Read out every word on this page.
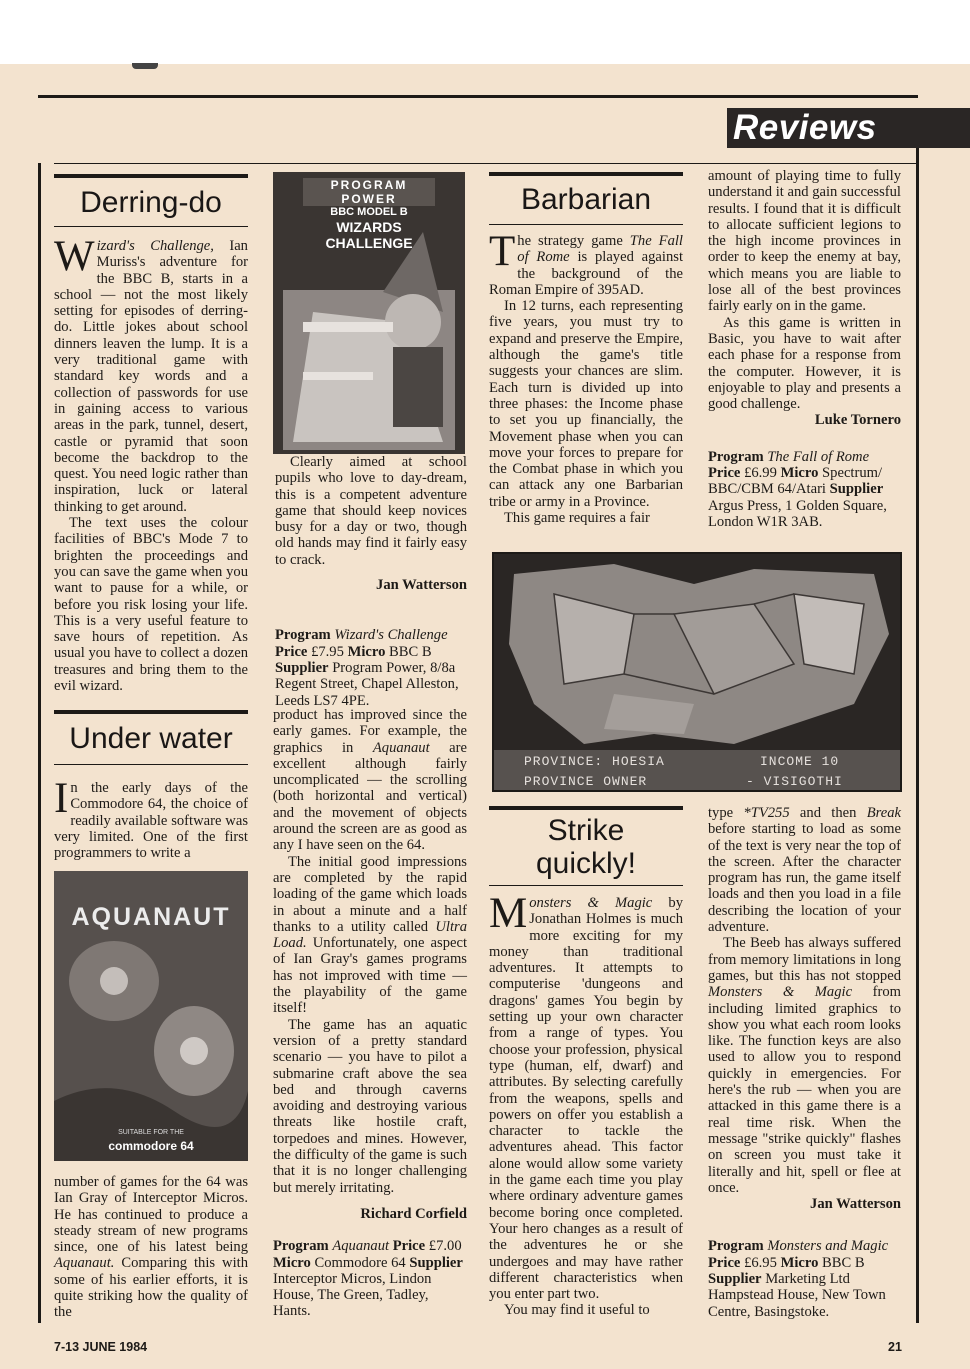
Reviews
Derring-do

Wizard's Challenge, Ian Muriss's adventure for the BBC B, starts in a school — not the most likely setting for episodes of derring-do. Little jokes about school dinners leaven the lump. It is a very traditional game with standard key words and a collection of passwords for use in gaining access to various areas in the park, tunnel, desert, castle or pyramid that soon become the backdrop to the quest. You need logic rather than inspiration, luck or lateral thinking to get around.

The text uses the colour facilities of BBC's Mode 7 to brighten the proceedings and you can save the game when you want to pause for a while, or before you risk losing your life. This is a very useful feature to save hours of repetition. As usual you have to collect a dozen treasures and bring them to the evil wizard.

PROGRAM POWER
BBC MODEL B
WIZARDS
CHALLENGE

Clearly aimed at school pupils who love to day-dream, this is a competent adventure game that should keep novices busy for a day or two, though old hands may find it fairly easy to crack.

Jan Watterson

Program Wizard's Challenge
Price £7.95 Micro BBC B Supplier Program Power, 8/8a Regent Street, Chapel Alleston, Leeds LS7 4PE.

Under water

In the early days of the Commodore 64, the choice of readily available software was very limited. One of the first programmers to write a

AQUANAUT
SUITABLE FOR THE
commodore 64

number of games for the 64 was Ian Gray of Interceptor Micros. He has continued to produce a steady stream of new programs since, one of his latest being Aquanaut. Comparing this with some of his earlier efforts, it is quite striking how the quality of the

product has improved since the early games. For example, the graphics in Aquanaut are excellent although fairly uncomplicated — the scrolling (both horizontal and vertical) and the movement of objects around the screen are as good as any I have seen on the 64.

The initial good impressions are completed by the rapid loading of the game which loads in about a minute and a half thanks to a utility called Ultra Load. Unfortunately, one aspect of Ian Gray's games programs has not improved with time — the playability of the game itself!

The game has an aquatic version of a pretty standard scenario — you have to pilot a submarine craft above the sea bed and through caverns avoiding and destroying various threats like hostile craft, torpedoes and mines. However, the difficulty of the game is such that it is no longer challenging but merely irritating.

Richard Corfield

Program Aquanaut Price £7.00 Micro Commodore 64 Supplier Interceptor Micros, Lindon House, The Green, Tadley, Hants.

Barbarian

The strategy game The Fall of Rome is played against the background of the Roman Empire of 395AD.

In 12 turns, each representing five years, you must try to expand and preserve the Empire, although the game's title suggests your chances are slim. Each turn is divided up into three phases: the Income phase to set you up financially, the Movement phase when you can move your forces to prepare for the Combat phase in which you can attack any one Barbarian tribe or army in a Province.

This game requires a fair

amount of playing time to fully understand it and gain successful results. I found that it is difficult to allocate sufficient legions to the high income provinces in order to keep the enemy at bay, which means you are liable to lose all of the best provinces fairly early on in the game.

As this game is written in Basic, you have to wait after each phase for a response from the computer. However, it is enjoyable to play and presents a good challenge.

Luke Tornero

Program The Fall of Rome
Price £6.99 Micro Spectrum/ BBC/CBM 64/Atari Supplier Argus Press, 1 Golden Square, London W1R 3AB.

PROVINCE: HOESIA	INCOME 10
PROVINCE OWNER	- VISIGOTHI
Strike
quickly!

Monsters & Magic by Jonathan Holmes is much more exciting for my money than traditional adventures. It attempts to computerise 'dungeons and dragons' games You begin by setting up your own character from a range of types. You choose your profession, physical type (human, elf, dwarf) and attributes. By selecting carefully from the weapons, spells and powers on offer you establish a character to tackle the adventures ahead. This factor alone would allow some variety in the game each time you play where ordinary adventure games become boring once completed. Your hero changes as a result of the adventures he or she undergoes and may have rather different characteristics when you enter part two.

You may find it useful to

type *TV255 and then Break before starting to load as some of the text is very near the top of the screen. After the character program has run, the game itself loads and then you load in a file describing the location of your adventure.

The Beeb has always suffered from memory limitations in long games, but this has not stopped Monsters & Magic from including limited graphics to show you what each room looks like. The function keys are also used to allow you to respond quickly in emergencies. For here's the rub — when you are attacked in this game there is a real time risk. When the message "strike quickly" flashes on screen you must take it literally and hit, spell or flee at once.

Jan Watterson

Program Monsters and Magic
Price £6.95 Micro BBC B Supplier Marketing Ltd Hampstead House, New Town Centre, Basingstoke.

7-13 JUNE 1984	21
